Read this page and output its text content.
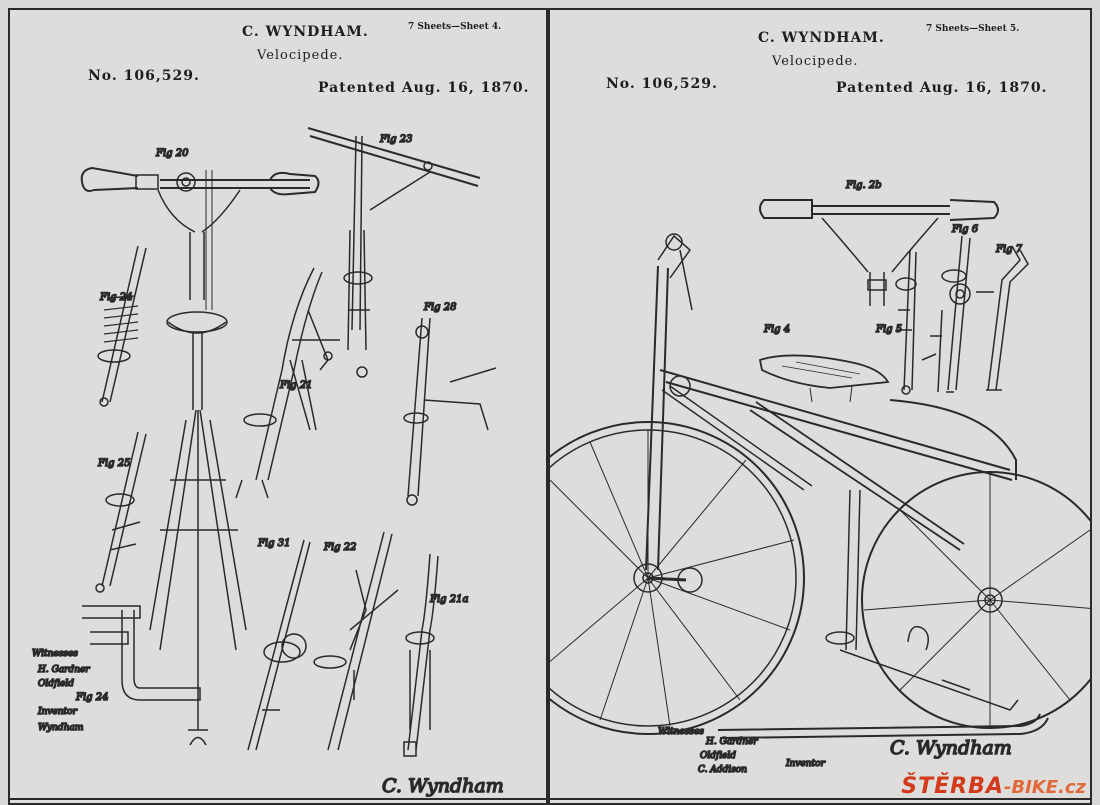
C. WYNDHAM.	7 Sheets—Sheet 4.
Velocipede.
No. 106,529.
Patented Aug. 16, 1870.
Fig 20
Fig 23
Fig 24
Fig 28
Fig 21
Fig 25
Fig 31	Fig 22
Fig 21a
Fig 24
Witnesses
H. Gardner
Oldfield
Inventor
Wyndham
C. Wyndham
C. WYNDHAM.
7 Sheets—Sheet 5.
Velocipede.
No. 106,529.	Patented Aug. 16, 1870.
Fig. 2b
Fig 6
Fig 7
Fig 4	Fig 5
Witnesses
H. Gardner
Oldfield
C. Addison
Inventor
C. Wyndham
ŠTĚRBA-BIKE.cz
